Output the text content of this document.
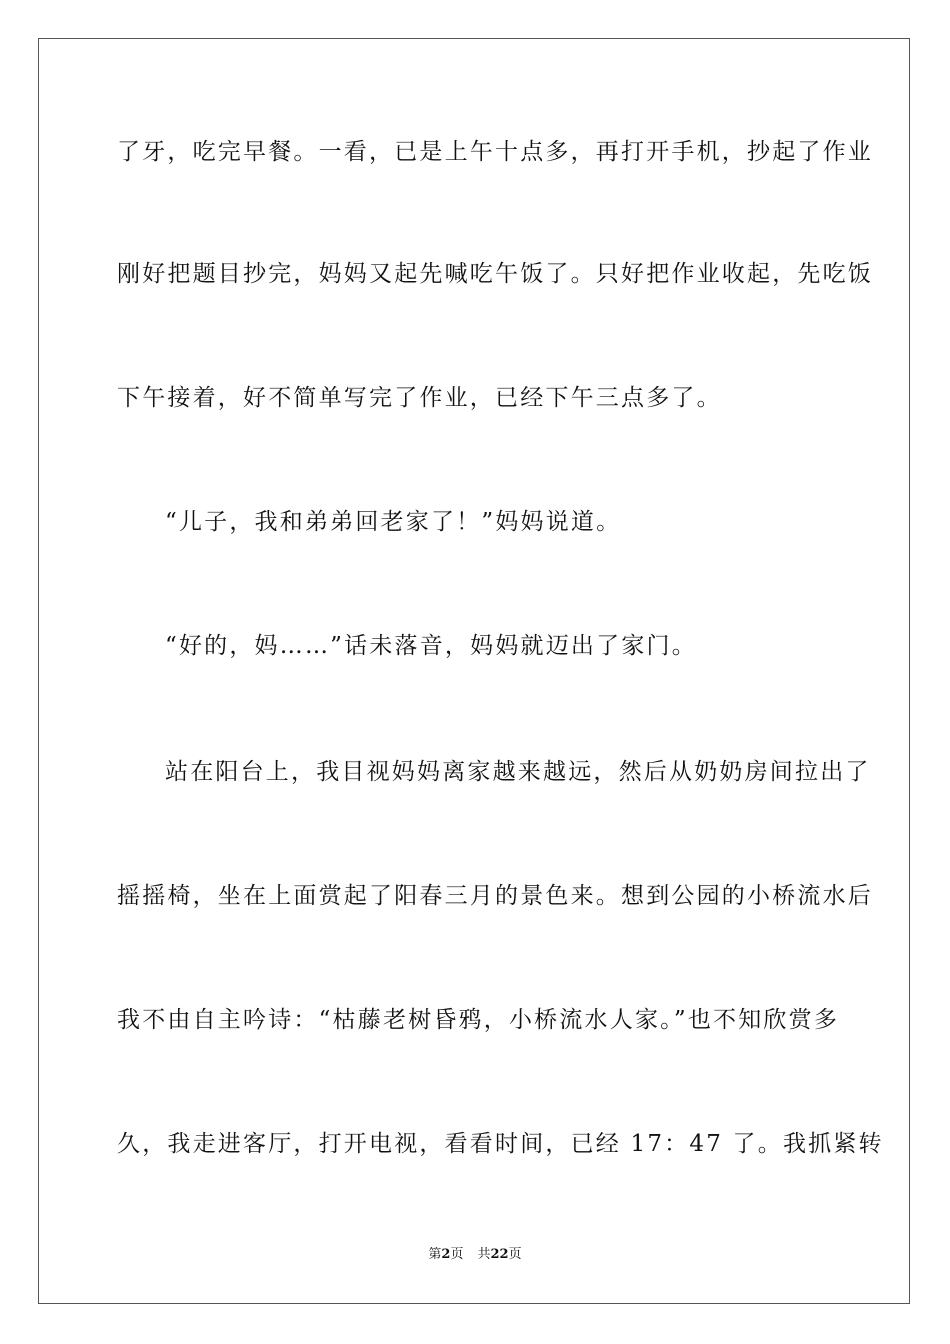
了牙，吃完早餐。一看，已是上午十点多，再打开手机，抄起了作业
刚好把题目抄完，妈妈又起先喊吃午饭了。只好把作业收起，先吃饭
下午接着，好不简单写完了作业，已经下午三点多了。
“儿子，我和弟弟回老家了！”妈妈说道。
“好的，妈……”话未落音，妈妈就迈出了家门。
站在阳台上，我目视妈妈离家越来越远，然后从奶奶房间拉出了
摇摇椅，坐在上面赏起了阳春三月的景色来。想到公园的小桥流水后
我不由自主吟诗：“枯藤老树昏鸦，小桥流水人家。”也不知欣赏多
久，我走进客厅，打开电视，看看时间，已经 17：47 了。我抓紧转
第2页 共22页
